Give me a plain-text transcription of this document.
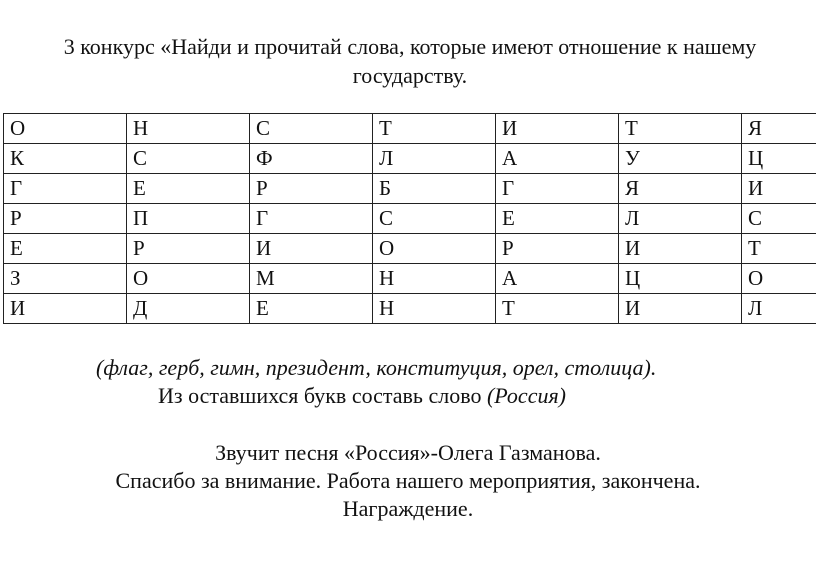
3 конкурс «Найди и прочитай слова, которые имеют отношение к нашему государству.
О	Н	С	Т	И	Т	Я
К	С	Ф	Л	А	У	Ц
Г	Е	Р	Б	Г	Я	И
Р	П	Г	С	Е	Л	С
Е	Р	И	О	Р	И	Т
З	О	М	Н	А	Ц	О
И	Д	Е	Н	Т	И	Л
(флаг, герб, гимн, президент, конституция, орел, столица).
Из оставшихся букв составь слово (Россия)
Звучит песня «Россия»-Олега Газманова.
Спасибо за внимание. Работа нашего мероприятия, закончена.
Награждение.
